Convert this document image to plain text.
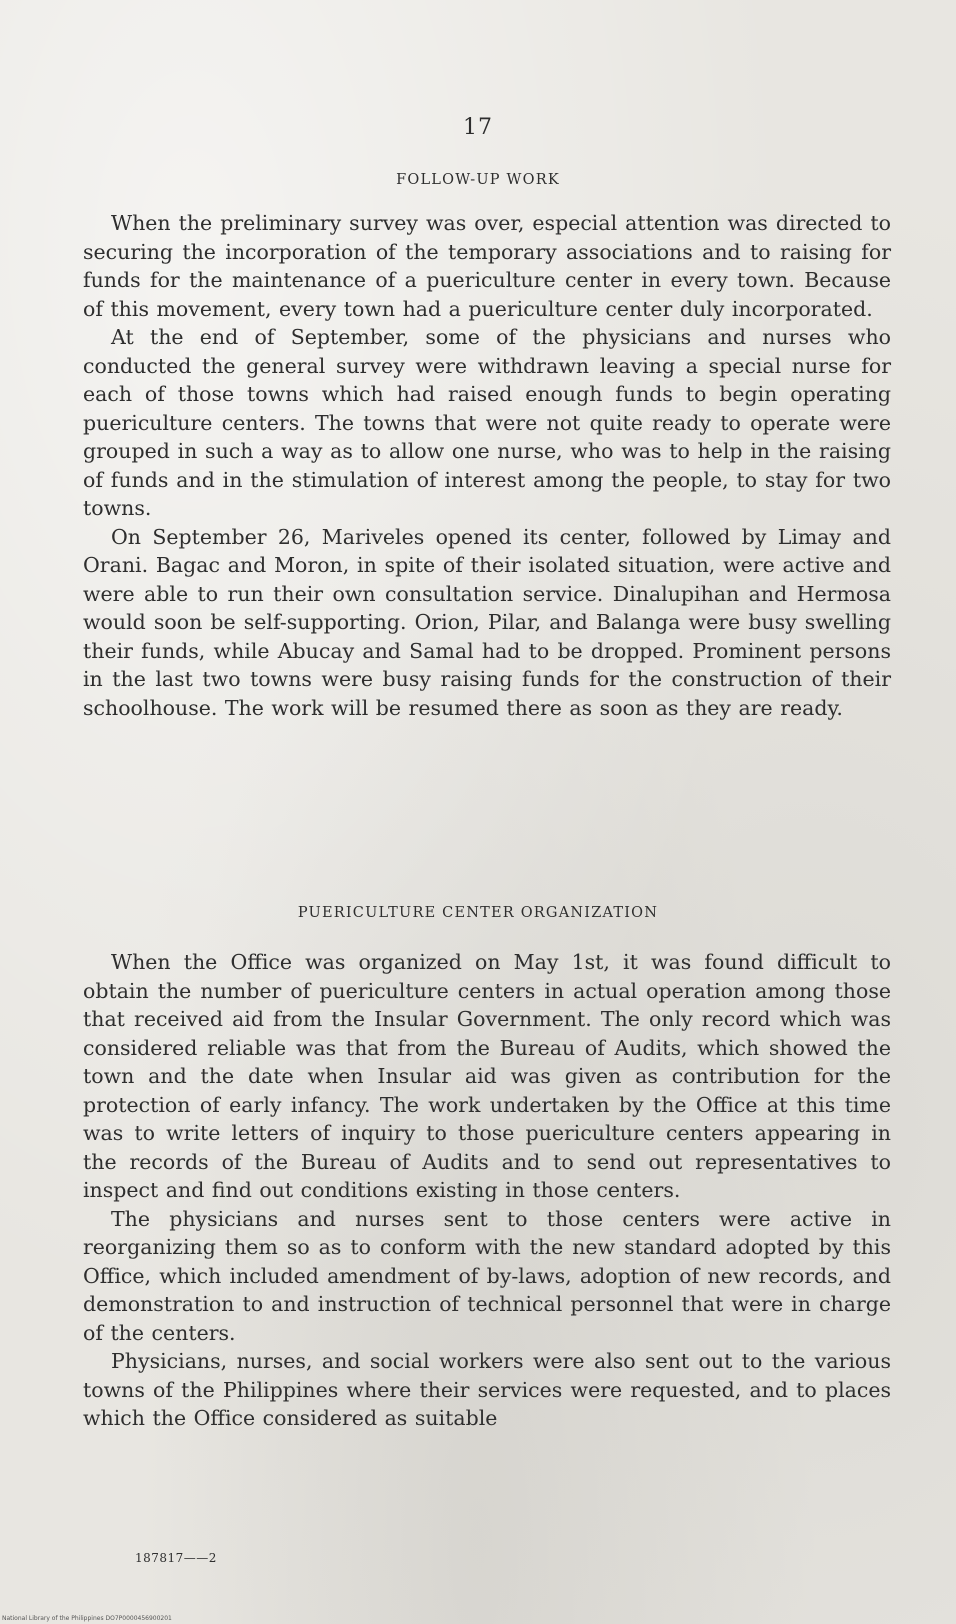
17
FOLLOW-UP WORK

When the preliminary survey was over, especial attention was directed to securing the incorporation of the temporary associations and to raising for funds for the maintenance of a puericulture center in every town. Because of this movement, every town had a puericulture center duly incorporated.

At the end of September, some of the physicians and nurses who conducted the general survey were withdrawn leaving a special nurse for each of those towns which had raised enough funds to begin operating puericulture centers. The towns that were not quite ready to operate were grouped in such a way as to allow one nurse, who was to help in the raising of funds and in the stimulation of interest among the people, to stay for two towns.

On September 26, Mariveles opened its center, followed by Limay and Orani. Bagac and Moron, in spite of their isolated situation, were active and were able to run their own consultation service. Dinalupihan and Hermosa would soon be self-supporting. Orion, Pilar, and Balanga were busy swelling their funds, while Abucay and Samal had to be dropped. Prominent persons in the last two towns were busy raising funds for the construction of their schoolhouse. The work will be resumed there as soon as they are ready.

PUERICULTURE CENTER ORGANIZATION

When the Office was organized on May 1st, it was found difficult to obtain the number of puericulture centers in actual operation among those that received aid from the Insular Government. The only record which was considered reliable was that from the Bureau of Audits, which showed the town and the date when Insular aid was given as contribution for the protection of early infancy. The work undertaken by the Office at this time was to write letters of inquiry to those puericulture centers appearing in the records of the Bureau of Audits and to send out representatives to inspect and find out conditions existing in those centers.

The physicians and nurses sent to those centers were active in reorganizing them so as to conform with the new standard adopted by this Office, which included amendment of by-laws, adoption of new records, and demonstration to and instruction of technical personnel that were in charge of the centers.

Physicians, nurses, and social workers were also sent out to the various towns of the Philippines where their services were requested, and to places which the Office considered as suitable

187817——2
National Library of the Philippines DO7P0000456900201
